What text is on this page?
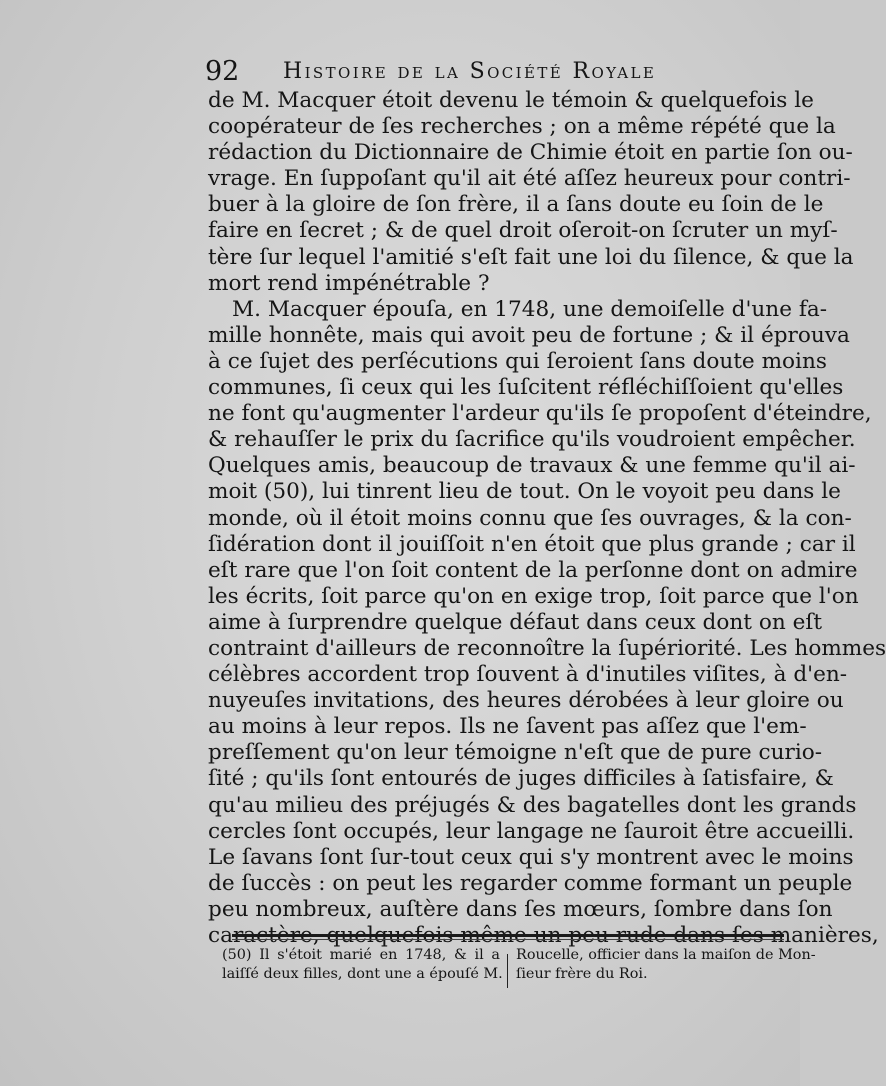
92 Histoire de la Société Royale
de M. Macquer étoit devenu le témoin & quelquefois le
coopérateur de ſes recherches ; on a même répété que la
rédaction du Dictionnaire de Chimie étoit en partie ſon ou-
vrage. En ſuppoſant qu'il ait été aſſez heureux pour contri-
buer à la gloire de ſon frère, il a ſans doute eu ſoin de le
faire en ſecret ; & de quel droit oſeroit-on ſcruter un myſ-
tère ſur lequel l'amitié s'eſt fait une loi du ſilence, & que la
mort rend impénétrable ?
M. Macquer épouſa, en 1748, une demoiſelle d'une fa-
mille honnête, mais qui avoit peu de fortune ; & il éprouva
à ce ſujet des perſécutions qui ſeroient ſans doute moins
communes, ſi ceux qui les ſuſcitent réfléchiſſoient qu'elles
ne font qu'augmenter l'ardeur qu'ils ſe propoſent d'éteindre,
& rehauſſer le prix du ſacrifice qu'ils voudroient empêcher.
Quelques amis, beaucoup de travaux & une femme qu'il ai-
moit (50), lui tinrent lieu de tout. On le voyoit peu dans le
monde, où il étoit moins connu que ſes ouvrages, & la con-
ſidération dont il jouiſſoit n'en étoit que plus grande ; car il
eſt rare que l'on ſoit content de la perſonne dont on admire
les écrits, ſoit parce qu'on en exige trop, ſoit parce que l'on
aime à ſurprendre quelque défaut dans ceux dont on eſt
contraint d'ailleurs de reconnoître la ſupériorité. Les hommes
célèbres accordent trop ſouvent à d'inutiles viſites, à d'en-
nuyeuſes invitations, des heures dérobées à leur gloire ou
au moins à leur repos. Ils ne ſavent pas aſſez que l'em-
preſſement qu'on leur témoigne n'eſt que de pure curio-
ſité ; qu'ils ſont entourés de juges difficiles à ſatisfaire, &
qu'au milieu des préjugés & des bagatelles dont les grands
cercles ſont occupés, leur langage ne ſauroit être accueilli.
Le ſavans ſont ſur-tout ceux qui s'y montrent avec le moins
de ſuccès : on peut les regarder comme formant un peuple
peu nombreux, auſtère dans ſes mœurs, ſombre dans ſon
caractère, quelquefois même un peu rude dans ſes manières,
(50) Il s'étoit marié en 1748, & il a
laiſſé deux filles, dont une a épouſé M.
Roucelle, officier dans la maiſon de Mon-
ſieur frère du Roi.
